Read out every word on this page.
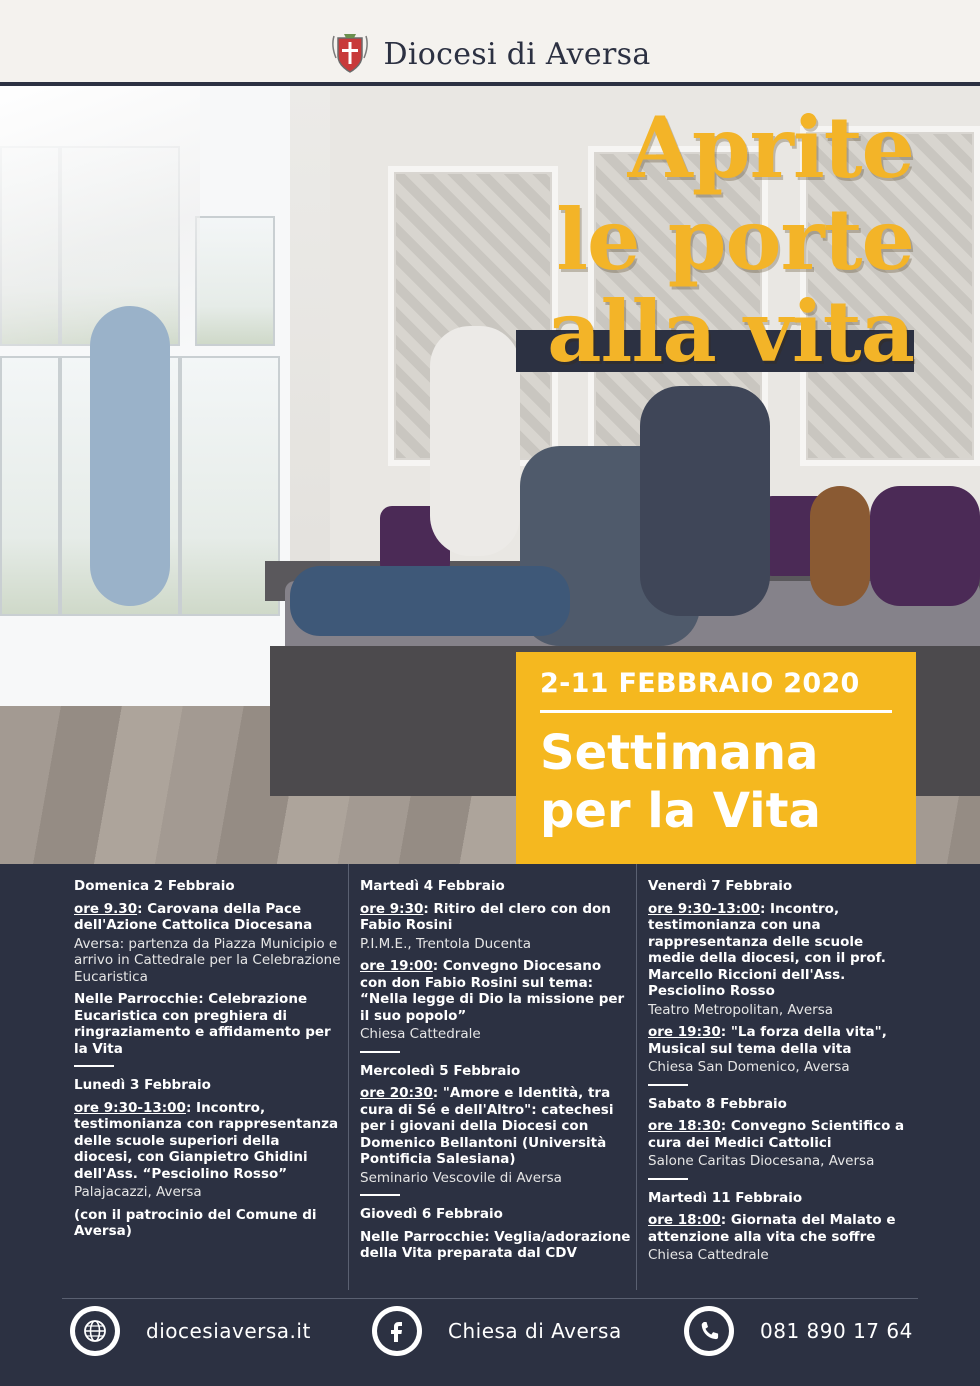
Diocesi di Aversa
Aprite
le porte
alla vita
2-11 FEBBRAIO 2020
Settimana
per la Vita
Domenica 2 Febbraio
ore 9.30: Carovana della Pace dell'Azione Cattolica Diocesana
Aversa: partenza da Piazza Municipio e arrivo in Cattedrale per la Celebrazione Eucaristica
Nelle Parrocchie: Celebrazione Eucaristica con preghiera di ringraziamento e affidamento per la Vita
Lunedì 3 Febbraio
ore 9:30-13:00: Incontro, testimonianza con rappresentanza delle scuole superiori della diocesi, con Gianpietro Ghidini dell'Ass. “Pesciolino Rosso”
Palajacazzi, Aversa
(con il patrocinio del Comune di Aversa)
Martedì 4 Febbraio
ore 9:30: Ritiro del clero con don Fabio Rosini
P.I.M.E., Trentola Ducenta
ore 19:00: Convegno Diocesano con don Fabio Rosini sul tema: “Nella legge di Dio la missione per il suo popolo”
Chiesa Cattedrale
Mercoledì 5 Febbraio
ore 20:30: "Amore e Identità, tra cura di Sé e dell'Altro": catechesi per i giovani della Diocesi con Domenico Bellantoni (Università Pontificia Salesiana)
Seminario Vescovile di Aversa
Giovedì 6 Febbraio
Nelle Parrocchie: Veglia/adorazione della Vita preparata dal CDV
Venerdì 7 Febbraio
ore 9:30-13:00: Incontro, testimonianza con una rappresentanza delle scuole medie della diocesi, con il prof. Marcello Riccioni dell'Ass. Pesciolino Rosso
Teatro Metropolitan, Aversa
ore 19:30: "La forza della vita", Musical sul tema della vita
Chiesa San Domenico, Aversa
Sabato 8 Febbraio
ore 18:30: Convegno Scientifico a cura dei Medici Cattolici
Salone Caritas Diocesana, Aversa
Martedì 11 Febbraio
ore 18:00: Giornata del Malato e attenzione alla vita che soffre
Chiesa Cattedrale
diocesiaversa.it	Chiesa di Aversa	081 890 17 64
